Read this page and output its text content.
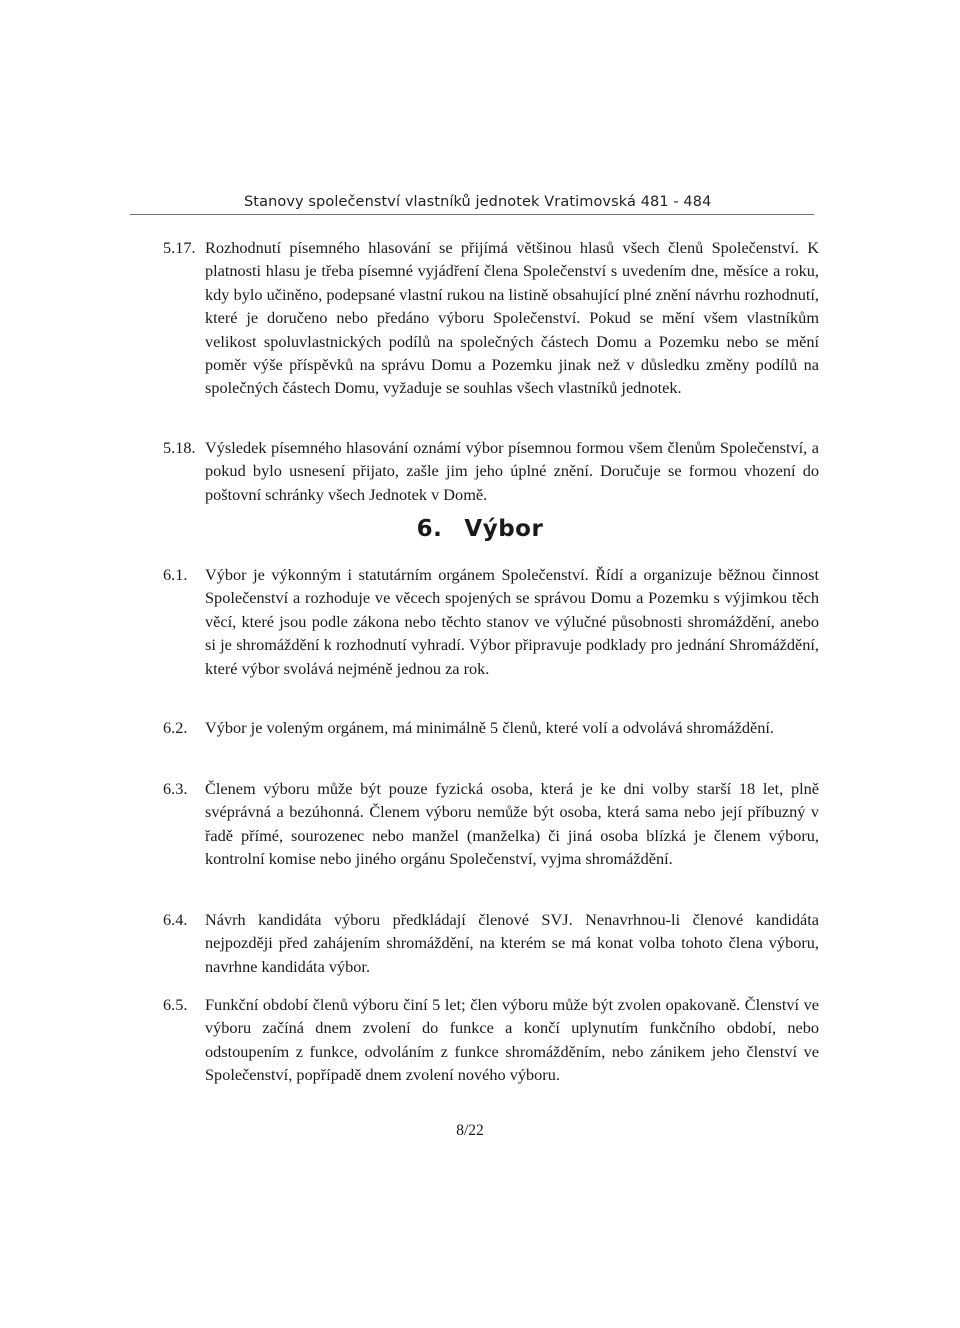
Stanovy společenství vlastníků jednotek Vratimovská 481 - 484
5.17. Rozhodnutí písemného hlasování se přijímá většinou hlasů všech členů Společenství. K platnosti hlasu je třeba písemné vyjádření člena Společenství s uvedením dne, měsíce a roku, kdy bylo učiněno, podepsané vlastní rukou na listině obsahující plné znění návrhu rozhodnutí, které je doručeno nebo předáno výboru Společenství. Pokud se mění všem vlastníkům velikost spoluvlastnických podílů na společných částech Domu a Pozemku nebo se mění poměr výše příspěvků na správu Domu a Pozemku jinak než v důsledku změny podílů na společných částech Domu, vyžaduje se souhlas všech vlastníků jednotek.
5.18. Výsledek písemného hlasování oznámí výbor písemnou formou všem členům Společenství, a pokud bylo usnesení přijato, zašle jim jeho úplné znění. Doručuje se formou vhození do poštovní schránky všech Jednotek v Domě.
6. Výbor
6.1.	Výbor je výkonným i statutárním orgánem Společenství. Řídí a organizuje běžnou činnost Společenství a rozhoduje ve věcech spojených se správou Domu a Pozemku s výjimkou těch věcí, které jsou podle zákona nebo těchto stanov ve výlučné působnosti shromáždění, anebo si je shromáždění k rozhodnutí vyhradí. Výbor připravuje podklady pro jednání Shromáždění, které výbor svolává nejméně jednou za rok.
6.2.	Výbor je voleným orgánem, má minimálně 5 členů, které volí a odvolává shromáždění.
6.3.	Členem výboru může být pouze fyzická osoba, která je ke dni volby starší 18 let, plně svéprávná a bezúhonná. Členem výboru nemůže být osoba, která sama nebo její příbuzný v řadě přímé, sourozenec nebo manžel (manželka) či jiná osoba blízká je členem výboru, kontrolní komise nebo jiného orgánu Společenství, vyjma shromáždění.
6.4.	Návrh kandidáta výboru předkládají členové SVJ. Nenavrhnou-li členové kandidáta nejpozději před zahájením shromáždění, na kterém se má konat volba tohoto člena výboru, navrhne kandidáta výbor.
6.5.	Funkční období členů výboru činí 5 let; člen výboru může být zvolen opakovaně. Členství ve výboru začíná dnem zvolení do funkce a končí uplynutím funkčního období, nebo odstoupením z funkce, odvoláním z funkce shromážděním, nebo zánikem jeho členství ve Společenství, popřípadě dnem zvolení nového výboru.
8/22
